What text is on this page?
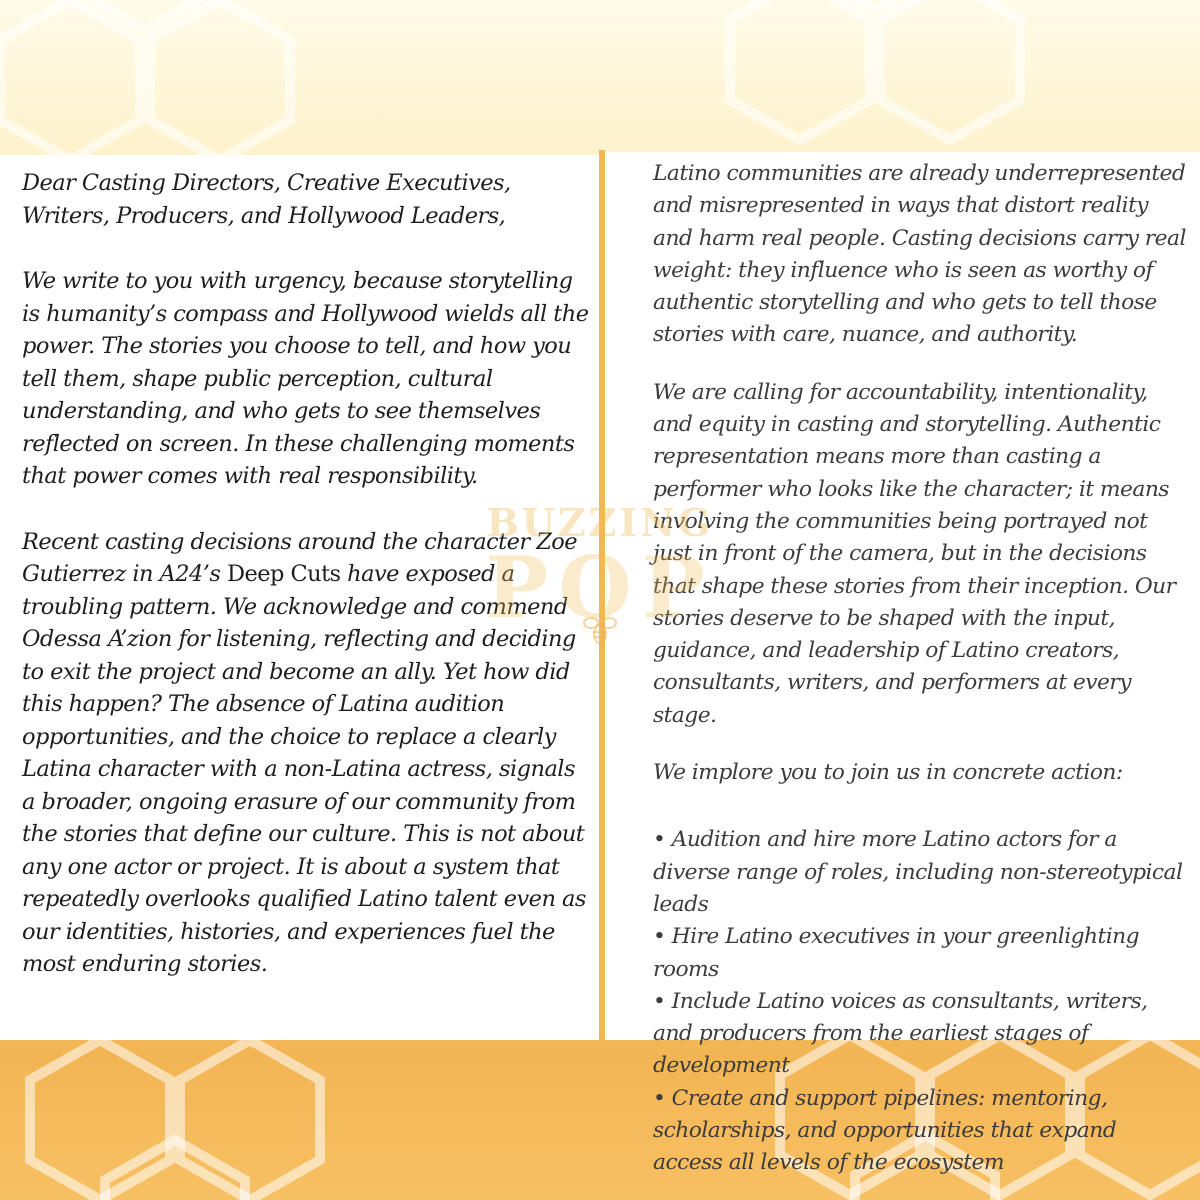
Dear Casting Directors, Creative Executives, Writers, Producers, and Hollywood Leaders,

We write to you with urgency, because storytelling is humanity’s compass and Hollywood wields all the power. The stories you choose to tell, and how you tell them, shape public perception, cultural understanding, and who gets to see themselves reflected on screen. In these challenging moments that power comes with real responsibility.

Recent casting decisions around the character Zoe Gutierrez in A24’s Deep Cuts have exposed a troubling pattern. We acknowledge and commend Odessa A’zion for listening, reflecting and deciding to exit the project and become an ally. Yet how did this happen? The absence of Latina audition opportunities, and the choice to replace a clearly Latina character with a non-Latina actress, signals a broader, ongoing erasure of our community from the stories that define our culture. This is not about any one actor or project. It is about a system that repeatedly overlooks qualified Latino talent even as our identities, histories, and experiences fuel the most enduring stories.

Latino communities are already underrepresented and misrepresented in ways that distort reality and harm real people. Casting decisions carry real weight: they influence who is seen as worthy of authentic storytelling and who gets to tell those stories with care, nuance, and authority.

We are calling for accountability, intentionality, and equity in casting and storytelling. Authentic representation means more than casting a performer who looks like the character; it means involving the communities being portrayed not just in front of the camera, but in the decisions that shape these stories from their inception. Our stories deserve to be shaped with the input, guidance, and leadership of Latino creators, consultants, writers, and performers at every stage.

We implore you to join us in concrete action:

• Audition and hire more Latino actors for a diverse range of roles, including non-stereotypical leads
• Hire Latino executives in your greenlighting rooms
• Include Latino voices as consultants, writers, and producers from the earliest stages of development
• Create and support pipelines: mentoring, scholarships, and opportunities that expand access all levels of the ecosystem
BUZZING
POP
